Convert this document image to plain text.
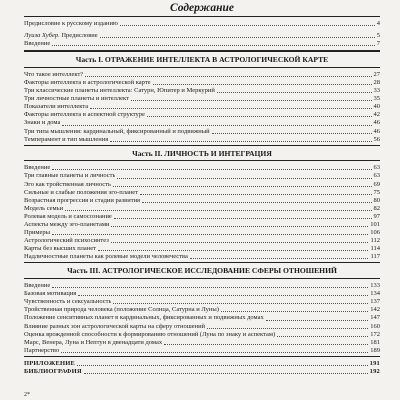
Содержание
Предисловие к русскому изданию	4
Луиза Хубер. Предисловие	5
Введение	7
Часть I. ОТРАЖЕНИЕ ИНТЕЛЛЕКТА В АСТРОЛОГИЧЕСКОЙ КАРТЕ
Что такое интеллект?	27
Факторы интеллекта в астрологической карте	28
Три классические планеты интеллекта: Сатурн, Юпитер и Меркурий	33
Три личностные планеты и интеллект	35
Показатели интеллекта	40
Факторы интеллекта в аспектной структуре	42
Знаки и дома	46
Три типа мышления: кардинальный, фиксированный и подвижный	46
Темперамент и тип мышления	56
Часть II. ЛИЧНОСТЬ И ИНТЕГРАЦИЯ
Введение	63
Три главные планеты и личность	63
Эго как тройственная личность	69
Сильные и слабые положения эго-планет	75
Возрастная прогрессия и стадии развития	80
Модель семьи	82
Ролевая модель и самосознание	97
Аспекты между эго-планетами	101
Примеры	106
Астрологический психосинтез	112
Карты без высших планет	114
Надличностные планеты как ролевые модели человечества	117
Часть III. АСТРОЛОГИЧЕСКОЕ ИССЛЕДОВАНИЕ СФЕРЫ ОТНОШЕНИЙ
Введение	133
Базовая мотивация	134
Чувственность и сексуальность	137
Тройственная природа человека (положение Солнца, Сатурна и Луны)	142
Положение сенситивных планет в кардинальных, фиксированных и подвижных домах	147
Влияние разных зон астрологической карты на сферу отношений	160
Оценка врожденной способности к формированию отношений (Луна по знаку и аспектам)	172
Марс, Венера, Луна и Нептун в двенадцати домах	181
Партнерство	189
ПРИЛОЖЕНИЕ	191
БИБЛИОГРАФИЯ	192
2*
